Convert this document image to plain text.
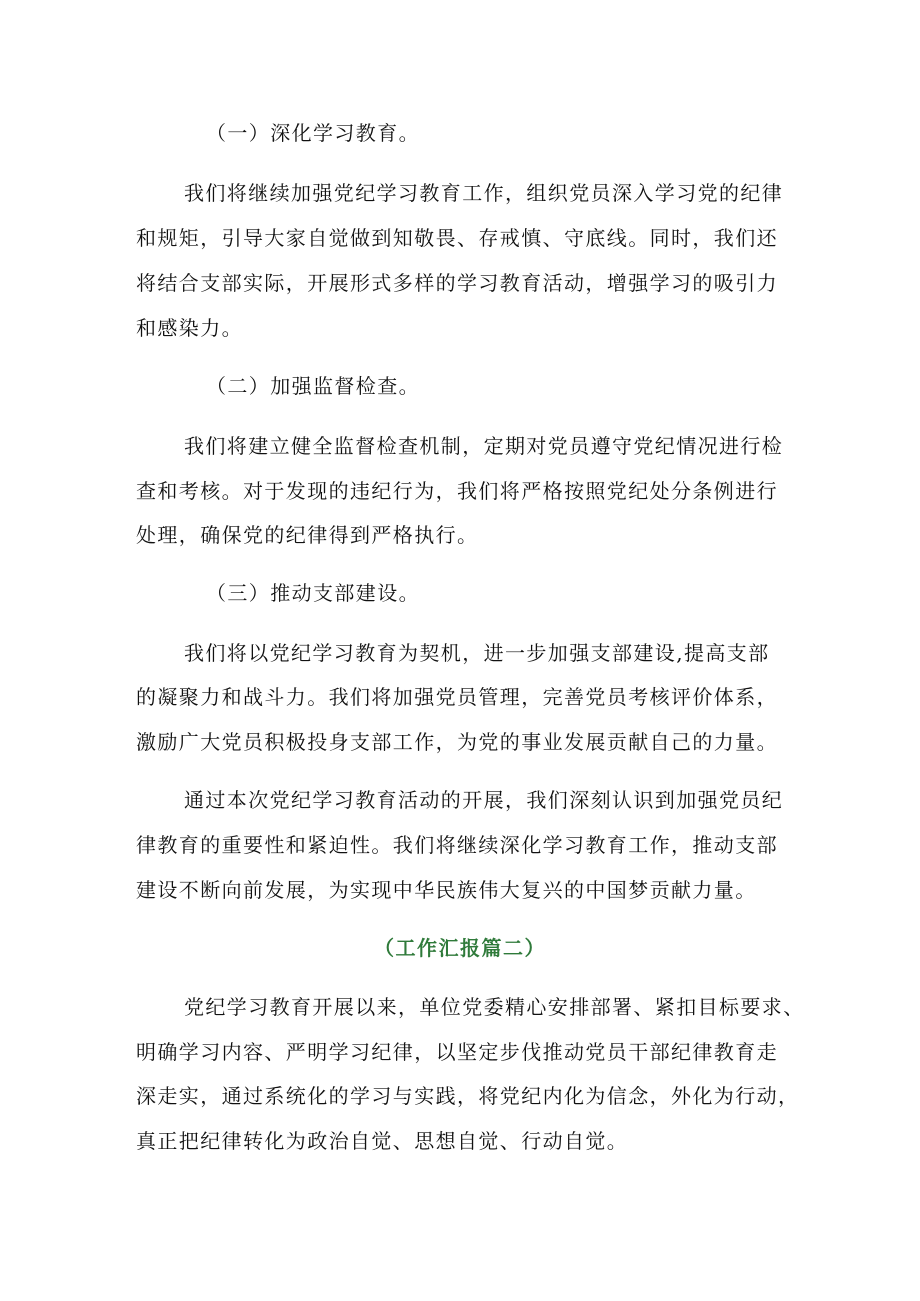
（一）深化学习教育。
我们将继续加强党纪学习教育工作，组织党员深入学习党的纪律
和规矩，引导大家自觉做到知敬畏、存戒慎、守底线。同时，我们还
将结合支部实际，开展形式多样的学习教育活动，增强学习的吸引力
和感染力。
（二）加强监督检查。
我们将建立健全监督检查机制，定期对党员遵守党纪情况进行检
查和考核。对于发现的违纪行为，我们将严格按照党纪处分条例进行
处理，确保党的纪律得到严格执行。
（三）推动支部建设。
我们将以党纪学习教育为契机，进一步加强支部建设,提高支部
的凝聚力和战斗力。我们将加强党员管理，完善党员考核评价体系，
激励广大党员积极投身支部工作，为党的事业发展贡献自己的力量。
通过本次党纪学习教育活动的开展，我们深刻认识到加强党员纪
律教育的重要性和紧迫性。我们将继续深化学习教育工作，推动支部
建设不断向前发展，为实现中华民族伟大复兴的中国梦贡献力量。
（工作汇报篇二）
党纪学习教育开展以来，单位党委精心安排部署、紧扣目标要求、
明确学习内容、严明学习纪律，以坚定步伐推动党员干部纪律教育走
深走实，通过系统化的学习与实践，将党纪内化为信念，外化为行动，
真正把纪律转化为政治自觉、思想自觉、行动自觉。
